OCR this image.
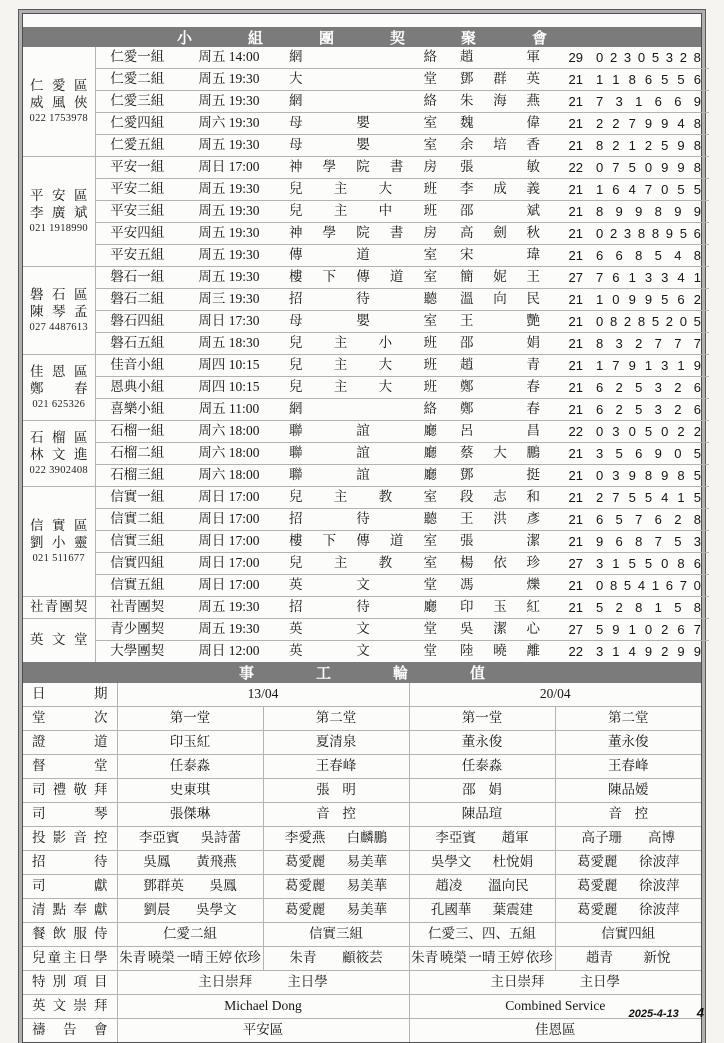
小	組	團	契	聚	會
仁 愛 區
威 風 俠
022 1753978
	仁愛一組	周五 14:00	網	絡	趙	軍	29 0 2 3 0 5 3 2 8

仁愛二組	周五 19:30	大	堂	鄧 群 英	21 1 1 8 6 5 5 6

仁愛三組	周五 19:30	網	絡	朱 海 燕	21 7 3 1 6 6 9

仁愛四組	周六 19:30	母	嬰	室	魏	偉	21 2 2 7 9 9 4 8

仁愛五組	周五 19:30	母	嬰	室	余 培 香	21 8 2 1 2 5 9 8

平 安 區
李 廣 斌
021 1918990
	平安一組	周日 17:00	神 學 院 書 房	張	敏	22 0 7 5 0 9 9 8

平安二組	周五 19:30	兒 主 大 班	李 成 義	21 1 6 4 7 0 5 5

平安三組	周五 19:30	兒 主 中 班	邵	斌	21 8 9 9 8 9 9

平安四組	周五 19:30	神 學 院 書 房	高 劍 秋	21 0 2 3 8 8 9 5 6

平安五組	周五 19:30	傳	道	室	宋	瑋	21 6 6 8 5 4 8

磐 石 區
陳 琴 孟
027 4487613
	磐石一組	周五 19:30	樓 下 傳 道 室	簡 妮 王	27 7 6 1 3 3 4 1

磐石二組	周三 19:30	招	待	聽	溫 向 民	21 1 0 9 9 5 6 2

磐石四組	周日 17:30	母	嬰	室	王	艷	21 0 8 2 8 5 2 0 5

磐石五組	周五 18:30	兒 主 小 班	邵	娟	21 8 3 2 7 7 7

佳 恩 區
鄭 春
021 625326
	佳音小組	周四 10:15	兒 主 大 班	趙	青	21 1 7 9 1 3 1 9

恩典小組	周四 10:15	兒 主 大 班	鄭	春	21 6 2 5 3 2 6

喜樂小組	周五 11:00	網	絡	鄭	春	21 6 2 5 3 2 6

石 榴 區
林 文 進
022 3902408
	石榴一組	周六 18:00	聯	誼	廳	呂	昌	22 0 3 0 5 0 2 2

石榴二組	周六 18:00	聯	誼	廳	蔡 大 鵬	21 3 5 6 9 0 5

石榴三組	周六 18:00	聯	誼	廳	鄧	挺	21 0 3 9 8 9 8 5

信 實 區
劉 小 靈
021 511677
	信實一組	周日 17:00	兒 主 教 室	段 志 和	21 2 7 5 5 4 1 5

信實二組	周日 17:00	招	待	聽	王 洪 彥	21 6 5 7 6 2 8

信實三組	周日 17:00	樓 下 傳 道 室	張	潔	21 9 6 8 7 5 3

信實四組	周日 17:00	兒 主 教 室	楊 依 珍	27 3 1 5 5 0 8 6

信實五組	周日 17:00	英	文	堂	馮	爍	21 0 8 5 4 1 6 7 0

社 青 團 契	社青團契	周五 19:30	招	待	廳	印 玉 紅	21 5 2 8 1 5 8

英 文 堂
	青少團契	周五 19:30	英	文	堂	吳 潔 心	27 5 9 1 0 2 6 7

大學團契	周日 12:00	英	文	堂	陸 曉 離	22 3 1 4 9 2 9 9
事	工	輪	值
日 期	13/04		20/04	

堂 次	第一堂	第二堂	第一堂	第二堂

證 道	印玉紅	夏清泉	董永俊	董永俊

督 堂	任泰淼	王春峰	任泰淼	王春峰

司 禮 敬 拜	史東琪	張 明	邵 娟	陳品嫒

司 琴	張傑琳	音 控	陳品瑄	音 控

投 影 音 控	李亞賓 吳詩蕾	李愛燕 白麟鵬	李亞賓 趙軍	高子珊 高博

招 待	吳鳳 黃飛燕	葛愛麗 易美華	吳學文 杜悅娟	葛愛麗 徐波萍

司 獻	鄧群英 吳鳳	葛愛麗 易美華	趙凌 溫向民	葛愛麗 徐波萍

清 點 奉 獻	劉晨 吳學文	葛愛麗 易美華	孔國華 葉震建	葛愛麗 徐波萍

餐 飲 服 侍	仁愛二組	信實三組	仁愛三、四、五組	信實四組

兒 童 主 日 學	朱青 曉榮 一晴 王婷 依珍	朱青 顧筱芸	朱青 曉榮 一晴 王婷 依珍	趙青 新悅

特 別 項 目	主日崇拜 主日學		主日崇拜 主日學	

英 文 崇 拜	Michael Dong		Combined Service	

禱 告 會	平安區		佳恩區	
2025-4-13 4
